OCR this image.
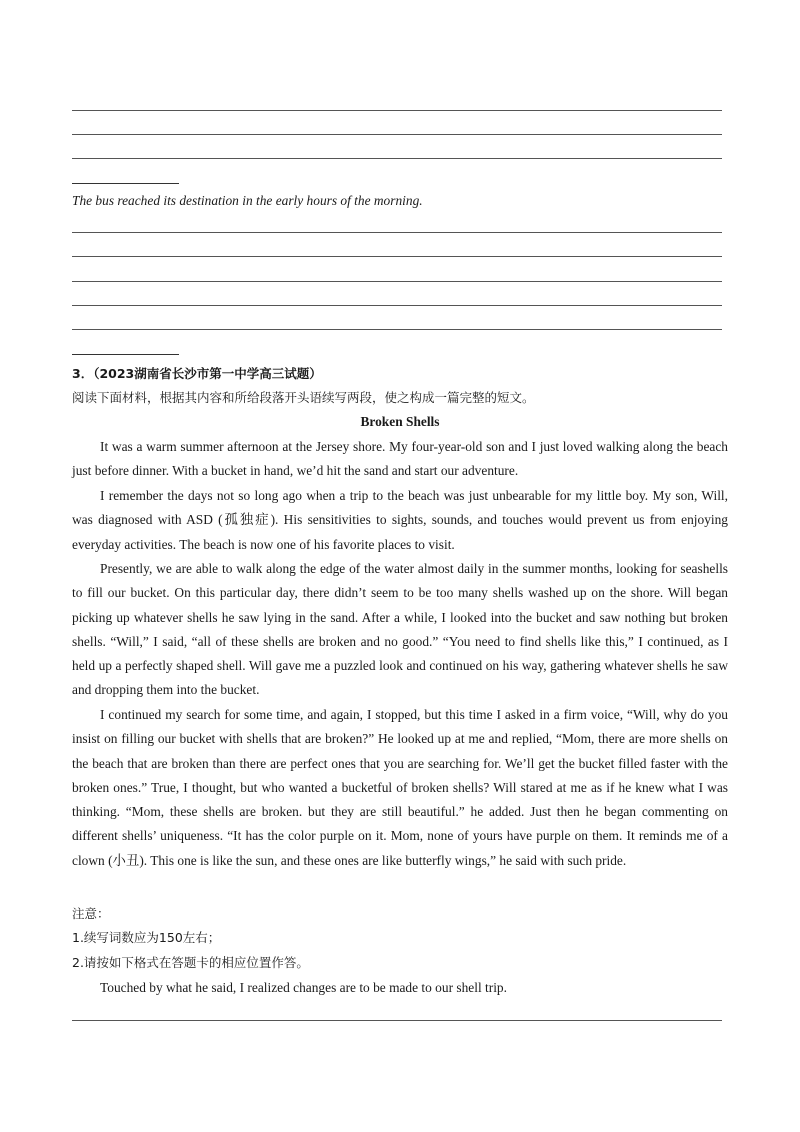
The bus reached its destination in the early hours of the morning.
3．（2023湖南省长沙市第一中学高三试题）
阅读下面材料，根据其内容和所给段落开头语续写两段，使之构成一篇完整的短文。
Broken Shells

It was a warm summer afternoon at the Jersey shore. My four-year-old son and I just loved walking along the beach just before dinner. With a bucket in hand, we’d hit the sand and start our adventure.

I remember the days not so long ago when a trip to the beach was just unbearable for my little boy. My son, Will, was diagnosed with ASD (孤独症). His sensitivities to sights, sounds, and touches would prevent us from enjoying everyday activities. The beach is now one of his favorite places to visit.

Presently, we are able to walk along the edge of the water almost daily in the summer months, looking for seashells to fill our bucket. On this particular day, there didn’t seem to be too many shells washed up on the shore. Will began picking up whatever shells he saw lying in the sand. After a while, I looked into the bucket and saw nothing but broken shells. “Will,” I said, “all of these shells are broken and no good.” “You need to find shells like this,” I continued, as I held up a perfectly shaped shell. Will gave me a puzzled look and continued on his way, gathering whatever shells he saw and dropping them into the bucket.

I continued my search for some time, and again, I stopped, but this time I asked in a firm voice, “Will, why do you insist on filling our bucket with shells that are broken?” He looked up at me and replied, “Mom, there are more shells on the beach that are broken than there are perfect ones that you are searching for. We’ll get the bucket filled faster with the broken ones.” True, I thought, but who wanted a bucketful of broken shells? Will stared at me as if he knew what I was thinking. “Mom, these shells are broken. but they are still beautiful.” he added. Just then he began commenting on different shells’ uniqueness. “It has the color purple on it. Mom, none of yours have purple on them. It reminds me of a clown (小丑). This one is like the sun, and these ones are like butterfly wings,” he said with such pride.

注意：
1.续写词数应为150左右；
2.请按如下格式在答题卡的相应位置作答。
Touched by what he said, I realized changes are to be made to our shell trip.
